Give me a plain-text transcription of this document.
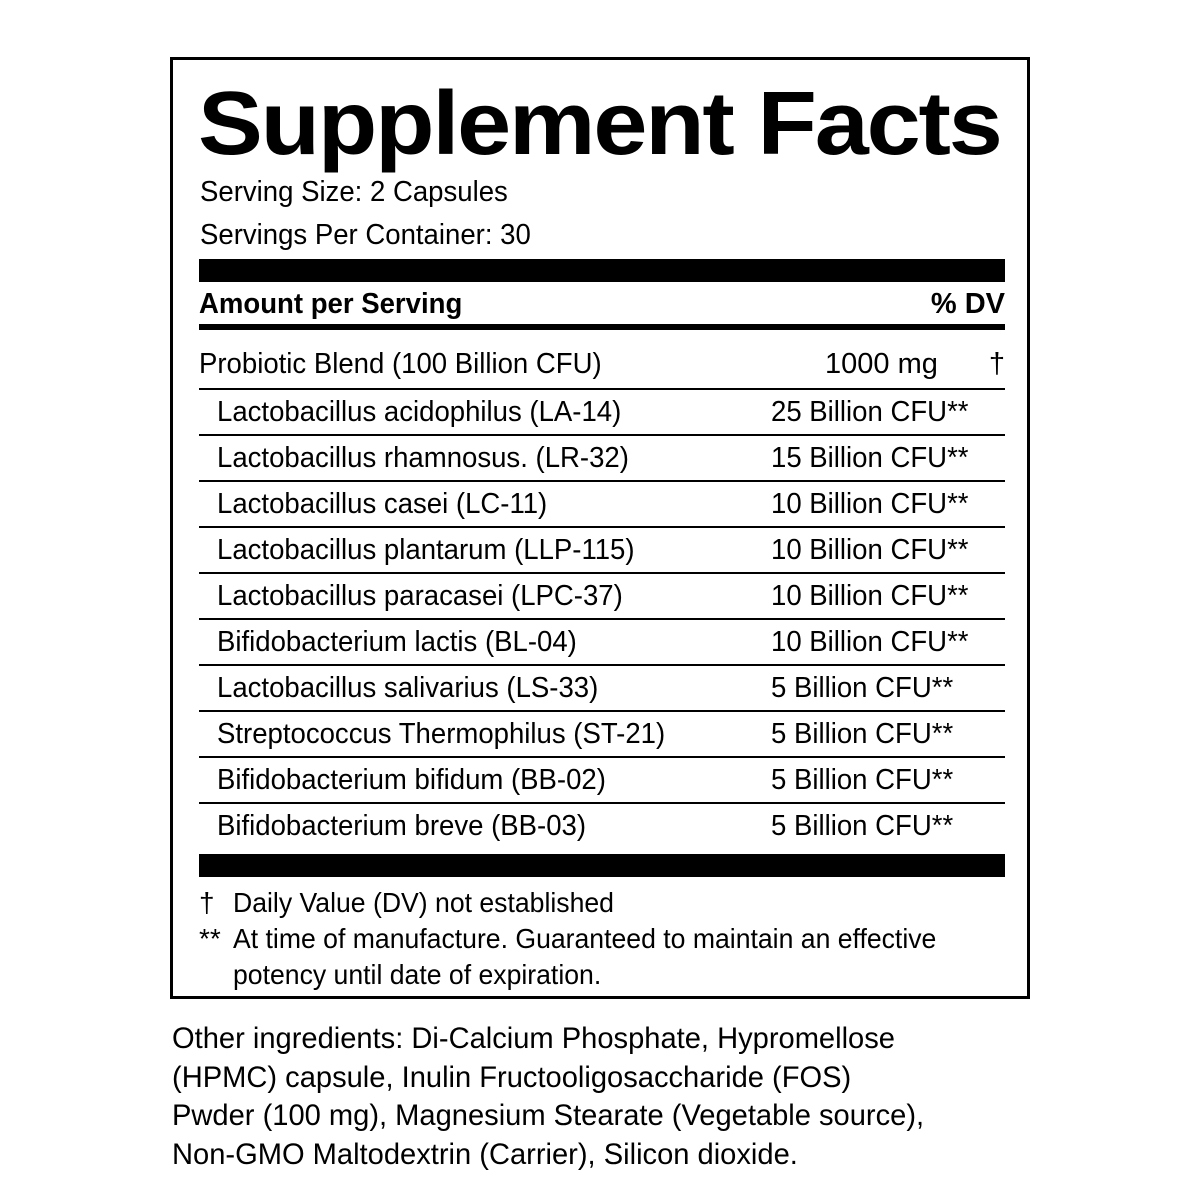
Supplement Facts
Serving Size: 2 Capsules
Servings Per Container: 30
Amount per Serving	% DV
Probiotic Blend (100 Billion CFU)	1000 mg †
Lactobacillus acidophilus (LA-14)	25 Billion CFU**
Lactobacillus rhamnosus. (LR-32)	15 Billion CFU**
Lactobacillus casei (LC-11)	10 Billion CFU**
Lactobacillus plantarum (LLP-115)	10 Billion CFU**
Lactobacillus paracasei (LPC-37)	10 Billion CFU**
Bifidobacterium lactis (BL-04)	10 Billion CFU**
Lactobacillus salivarius (LS-33)	5 Billion CFU**
Streptococcus Thermophilus (ST-21)	5 Billion CFU**
Bifidobacterium bifidum (BB-02)	5 Billion CFU**
Bifidobacterium breve (BB-03)	5 Billion CFU**
† Daily Value (DV) not established
** At time of manufacture. Guaranteed to maintain an effective
potency until date of expiration.
Other ingredients: Di-Calcium Phosphate, Hypromellose
(HPMC) capsule, Inulin Fructooligosaccharide (FOS)
Pwder (100 mg), Magnesium Stearate (Vegetable source),
Non-GMO Maltodextrin (Carrier), Silicon dioxide.
